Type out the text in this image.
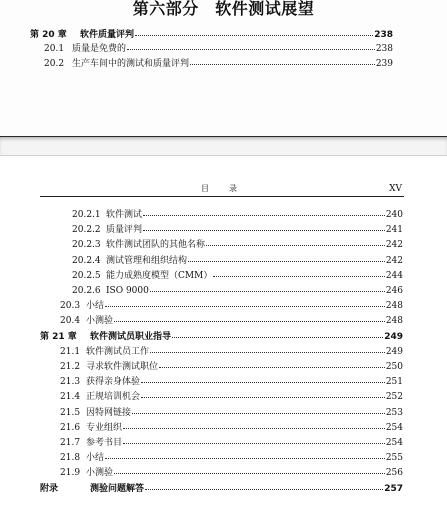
第六部分　软件测试展望
目　录	XV
第 20 章	软件质量评判	238
20.1 质量是免费的	238
20.2 生产车间中的测试和质量评判	239
20.2.1 软件测试	240
20.2.2 质量评判	241
20.2.3 软件测试团队的其他名称	242
20.2.4 测试管理和组织结构	242
20.2.5 能力成熟度模型（CMM）	244
20.2.6 ISO 9000	246
20.3 小结	248
20.4 小测验	248
第 21 章	软件测试员职业指导	249
21.1 软件测试员工作	249
21.2 寻求软件测试职位	250
21.3 获得亲身体验	251
21.4 正规培训机会	252
21.5 因特网链接	253
21.6 专业组织	254
21.7 参考书目	254
21.8 小结	255
21.9 小测验	256
附录	测验问题解答	257
